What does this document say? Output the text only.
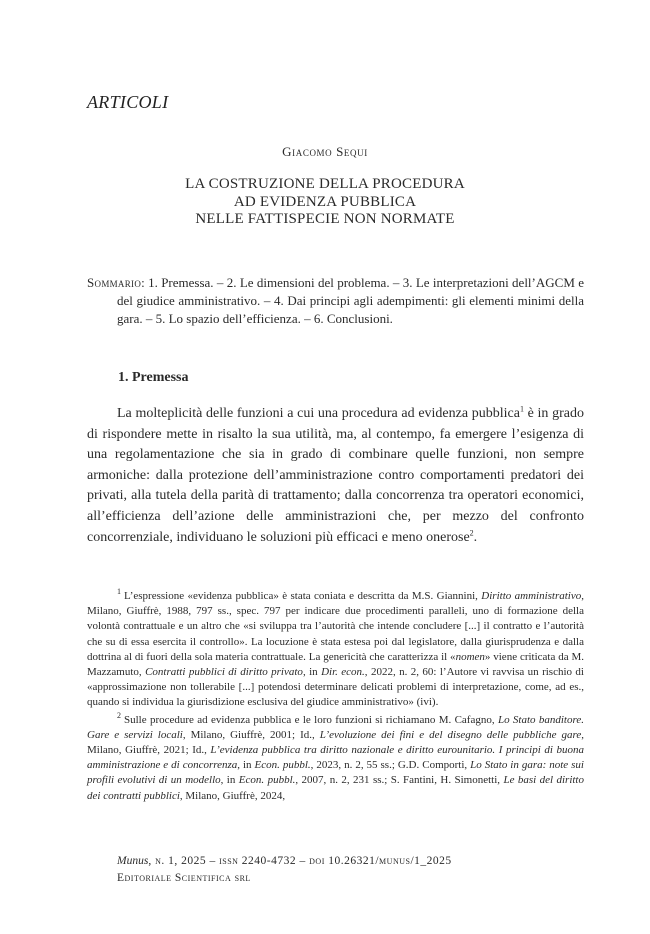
ARTICOLI
Giacomo Sequi
LA COSTRUZIONE DELLA PROCEDURA
AD EVIDENZA PUBBLICA
NELLE FATTISPECIE NON NORMATE

Sommario: 1. Premessa. – 2. Le dimensioni del problema. – 3. Le interpretazioni dell’AGCM e del giudice amministrativo. – 4. Dai principi agli adempimenti: gli elementi minimi della gara. – 5. Lo spazio dell’efficienza. – 6. Conclusioni.

1. Premessa

La molteplicità delle funzioni a cui una procedura ad evidenza pubblica$^1$ è in grado di rispondere mette in risalto la sua utilità, ma, al contempo, fa emergere l’esigenza di una regolamentazione che sia in grado di combinare quelle funzioni, non sempre armoniche: dalla protezione dell’amministrazione contro comportamenti predatori dei privati, alla tutela della parità di trattamento; dalla concorrenza tra operatori economici, all’efficienza dell’azione delle amministrazioni che, per mezzo del confronto concorrenziale, individuano le soluzioni più efficaci e meno onerose$^2$.

$^1$ L’espressione «evidenza pubblica» è stata coniata e descritta da M.S. Giannini, Diritto amministrativo, Milano, Giuffrè, 1988, 797 ss., spec. 797 per indicare due procedimenti paralleli, uno di formazione della volontà contrattuale e un altro che «si sviluppa tra l’autorità che intende concludere [...] il contratto e l’autorità che su di essa esercita il controllo». La locuzione è stata estesa poi dal legislatore, dalla giurisprudenza e dalla dottrina al di fuori della sola materia contrattuale. La genericità che caratterizza il «nomen» viene criticata da M. Mazzamuto, Contratti pubblici di diritto privato, in Dir. econ., 2022, n. 2, 60: l’Autore vi ravvisa un rischio di «approssimazione non tollerabile [...] potendosi determinare delicati problemi di interpretazione, come, ad es., quando si individua la giurisdizione esclusiva del giudice amministrativo» (ivi).

$^2$ Sulle procedure ad evidenza pubblica e le loro funzioni si richiamano M. Cafagno, Lo Stato banditore. Gare e servizi locali, Milano, Giuffrè, 2001; Id., L’evoluzione dei fini e del disegno delle pubbliche gare, Milano, Giuffrè, 2021; Id., L’evidenza pubblica tra diritto nazionale e diritto eurounitario. I principi di buona amministrazione e di concorrenza, in Econ. pubbl., 2023, n. 2, 55 ss.; G.D. Comporti, Lo Stato in gara: note sui profili evolutivi di un modello, in Econ. pubbl., 2007, n. 2, 231 ss.; S. Fantini, H. Simonetti, Le basi del diritto dei contratti pubblici, Milano, Giuffrè, 2024,

Munus, n. 1, 2025 – issn 2240-4732 – doi 10.26321/munus/1_2025
Editoriale Scientifica srl
